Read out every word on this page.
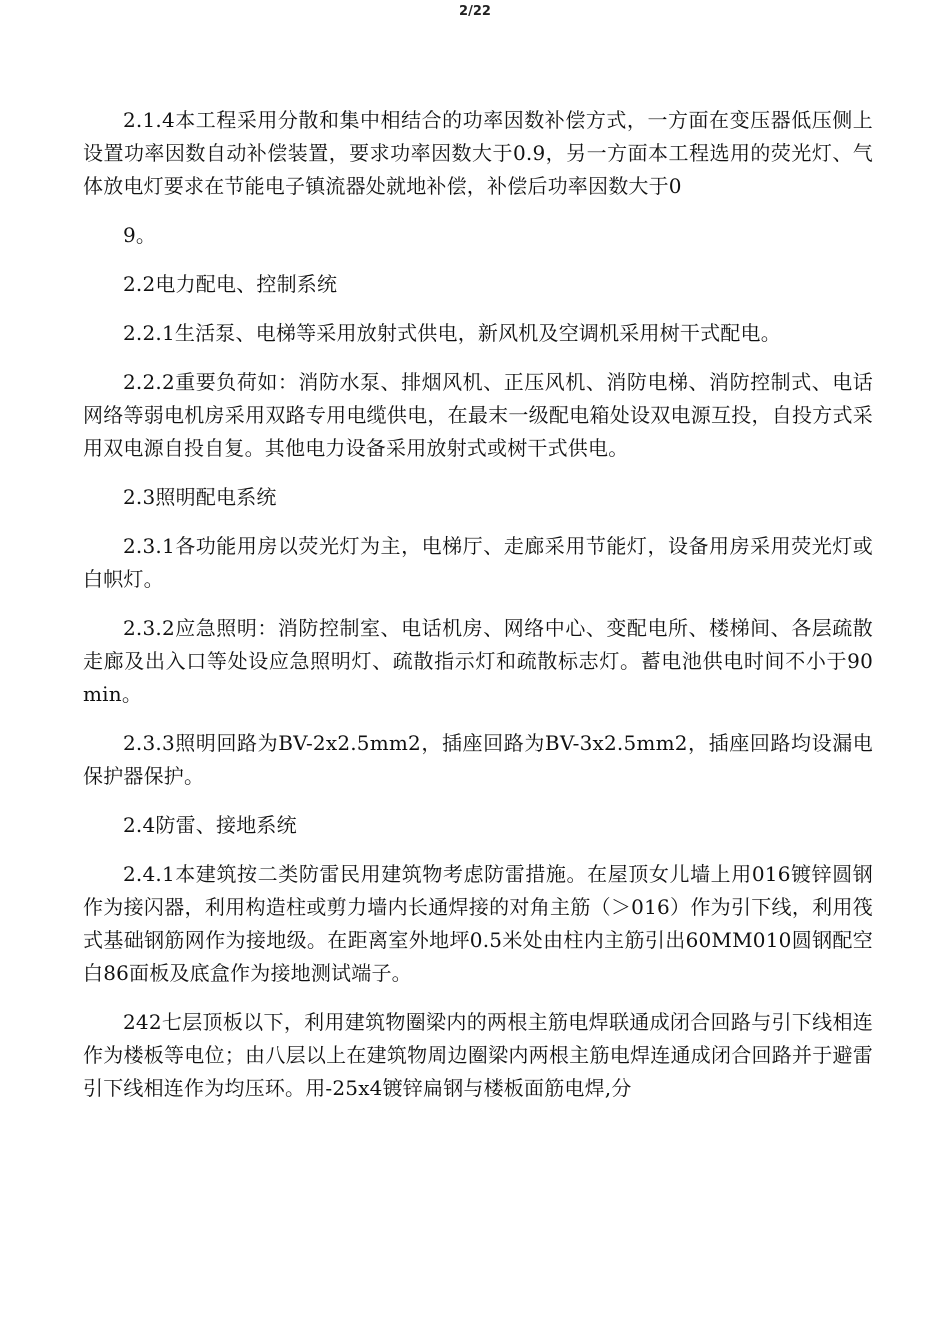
2/22

2.1.4本工程采用分散和集中相结合的功率因数补偿方式，一方面在变压器低压侧上设置功率因数自动补偿装置，要求功率因数大于0.9，另一方面本工程选用的荧光灯、气体放电灯要求在节能电子镇流器处就地补偿，补偿后功率因数大于0

9。

2.2电力配电、控制系统

2.2.1生活泵、电梯等采用放射式供电，新风机及空调机采用树干式配电。

2.2.2重要负荷如：消防水泵、排烟风机、正压风机、消防电梯、消防控制式、电话网络等弱电机房采用双路专用电缆供电，在最末一级配电箱处设双电源互投，自投方式采用双电源自投自复。其他电力设备采用放射式或树干式供电。

2.3照明配电系统

2.3.1各功能用房以荧光灯为主，电梯厅、走廊采用节能灯，设备用房采用荧光灯或白帜灯。

2.3.2应急照明：消防控制室、电话机房、网络中心、变配电所、楼梯间、各层疏散走廊及出入口等处设应急照明灯、疏散指示灯和疏散标志灯。蓄电池供电时间不小于90min。

2.3.3照明回路为BV-2x2.5mm2，插座回路为BV-3x2.5mm2，插座回路均设漏电保护器保护。

2.4防雷、接地系统

2.4.1本建筑按二类防雷民用建筑物考虑防雷措施。在屋顶女儿墙上用016镀锌圆钢作为接闪器，利用构造柱或剪力墙内长通焊接的对角主筋（＞016）作为引下线，利用筏式基础钢筋网作为接地级。在距离室外地坪0.5米处由柱内主筋引出60MM010圆钢配空白86面板及底盒作为接地测试端子。

242七层顶板以下，利用建筑物圈梁内的两根主筋电焊联通成闭合回路与引下线相连作为楼板等电位；由八层以上在建筑物周边圈梁内两根主筋电焊连通成闭合回路并于避雷引下线相连作为均压环。用-25x4镀锌扁钢与楼板面筋电焊,分
